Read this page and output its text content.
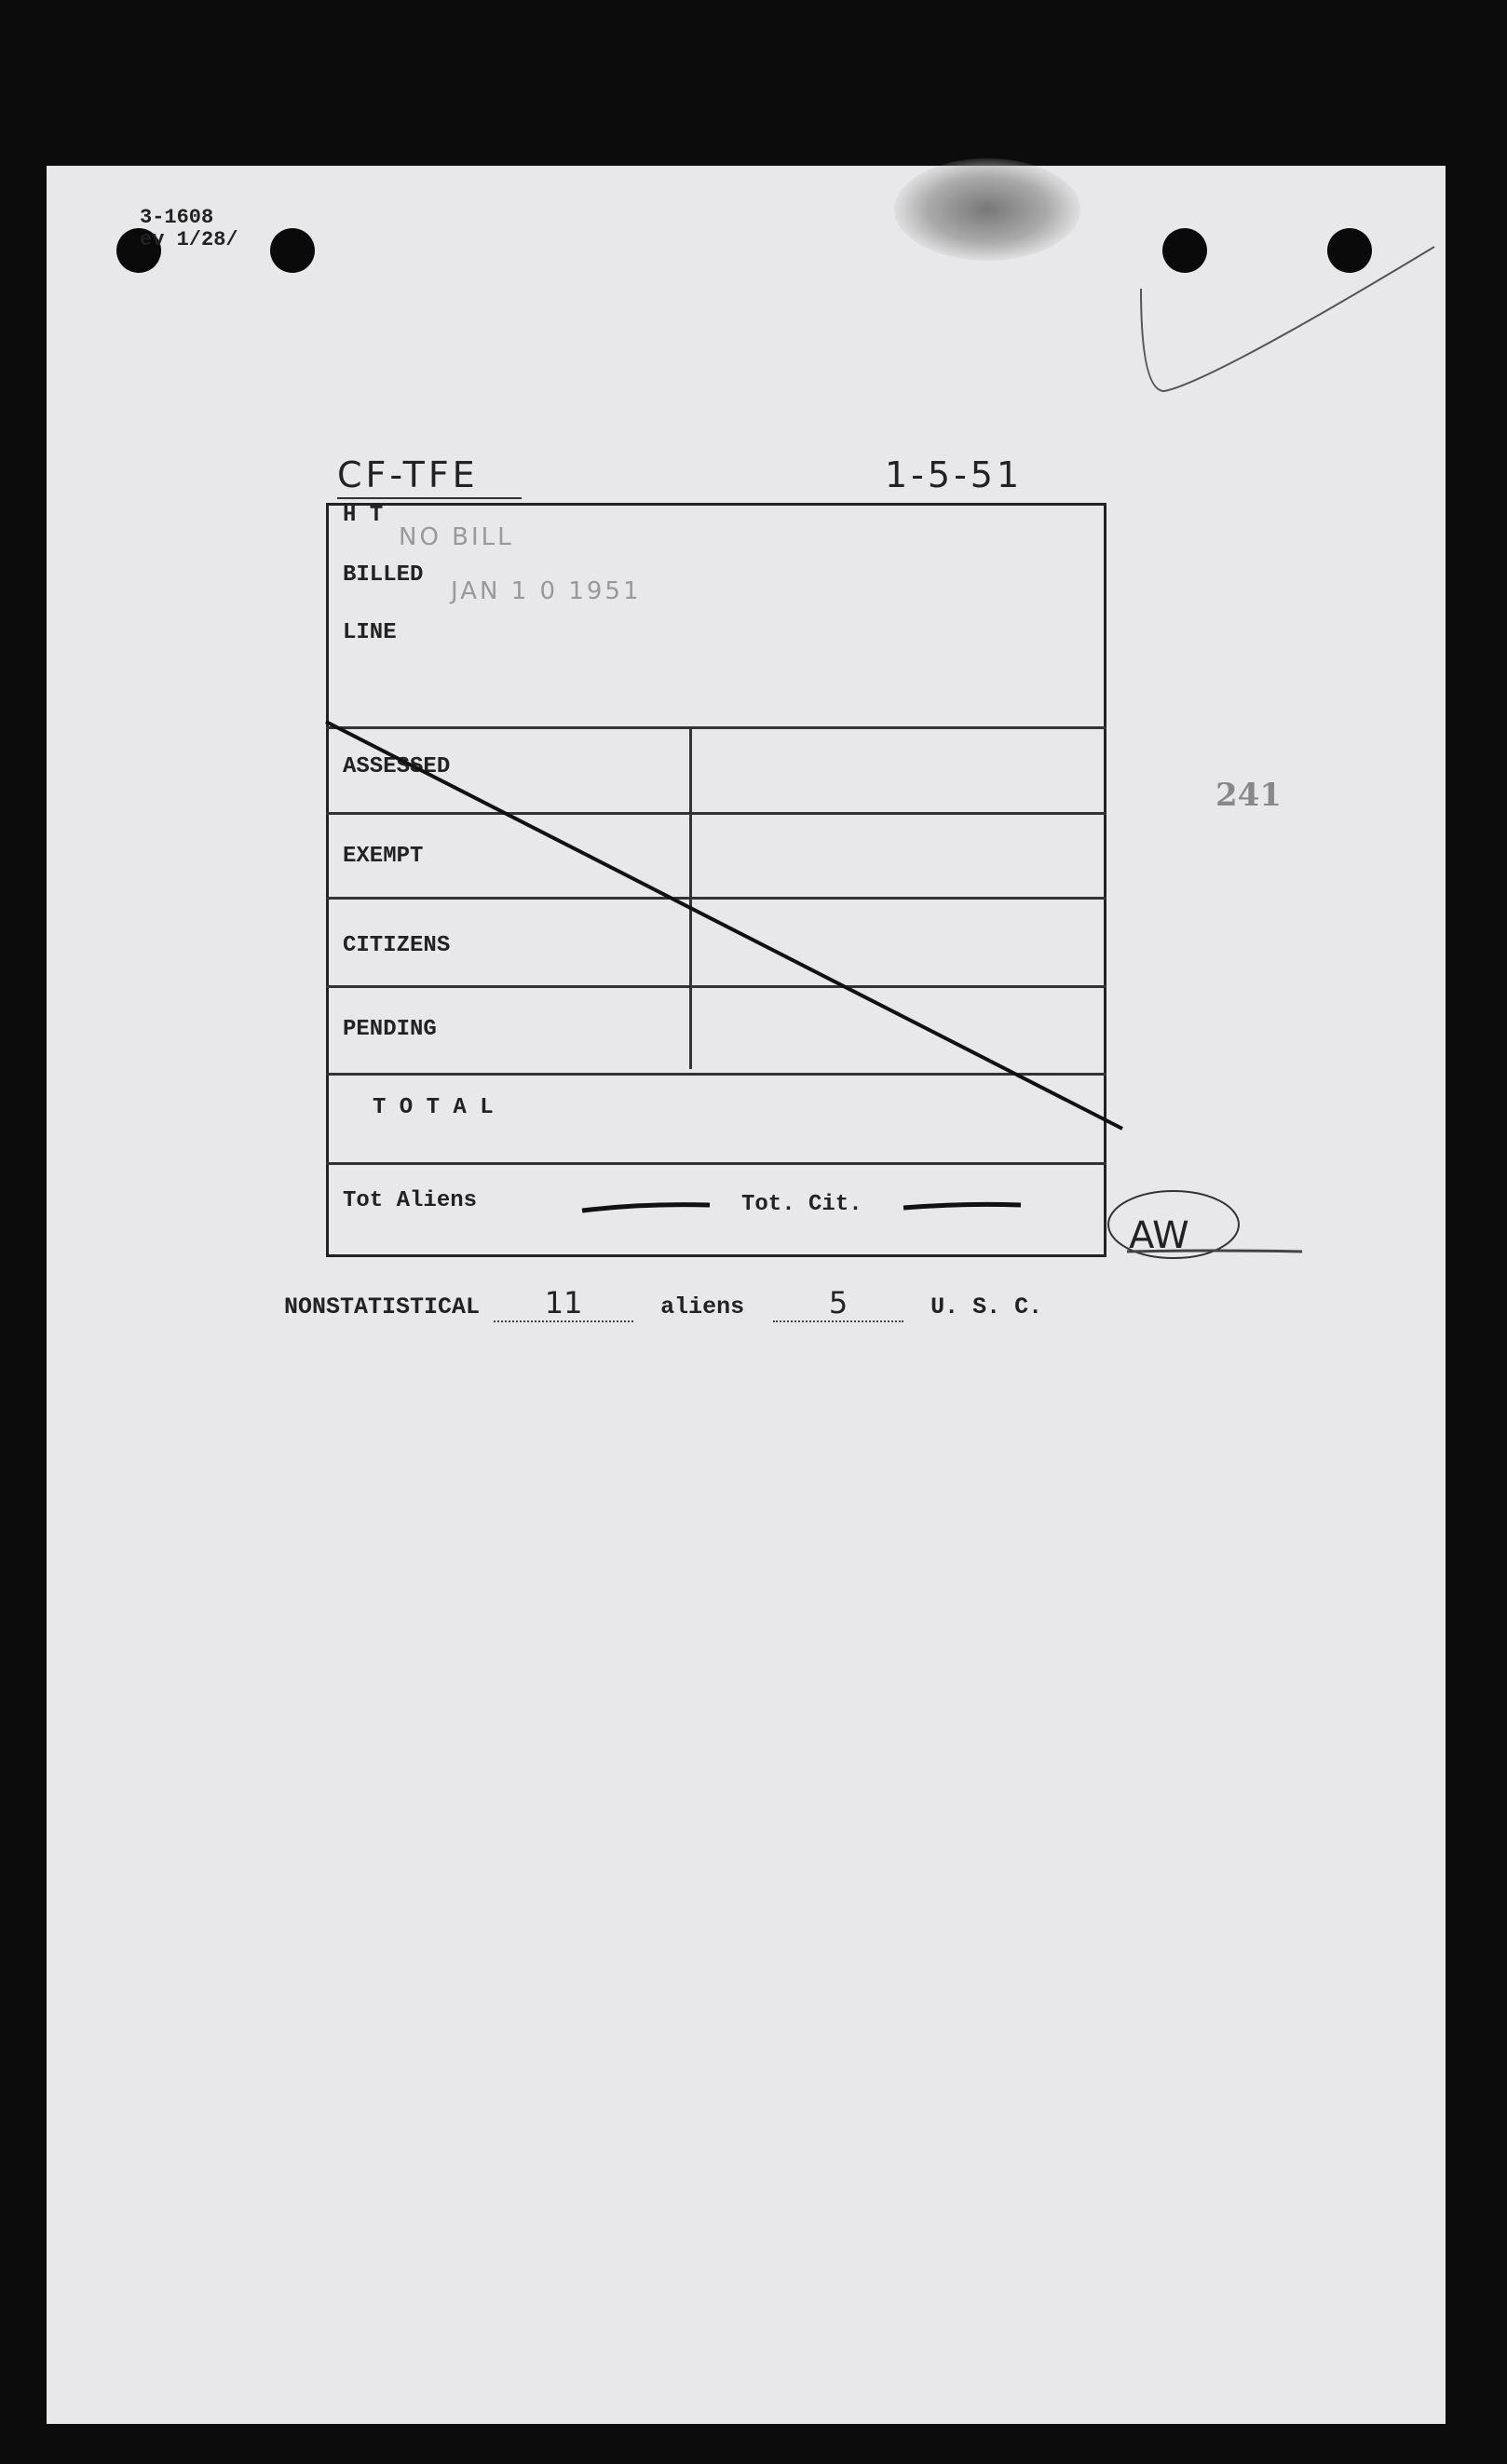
3-1608
ev 1/28/
CF-TFE	1-5-51
H T
BILLED
LINE
NO BILL
JAN 1 0 1951
ASSESSED
EXEMPT
CITIZENS
PENDING
T O T A L
Tot Aliens	Tot. Cit.
241
NONSTATISTICAL 11	aliens	5	U. S. C.
AW
